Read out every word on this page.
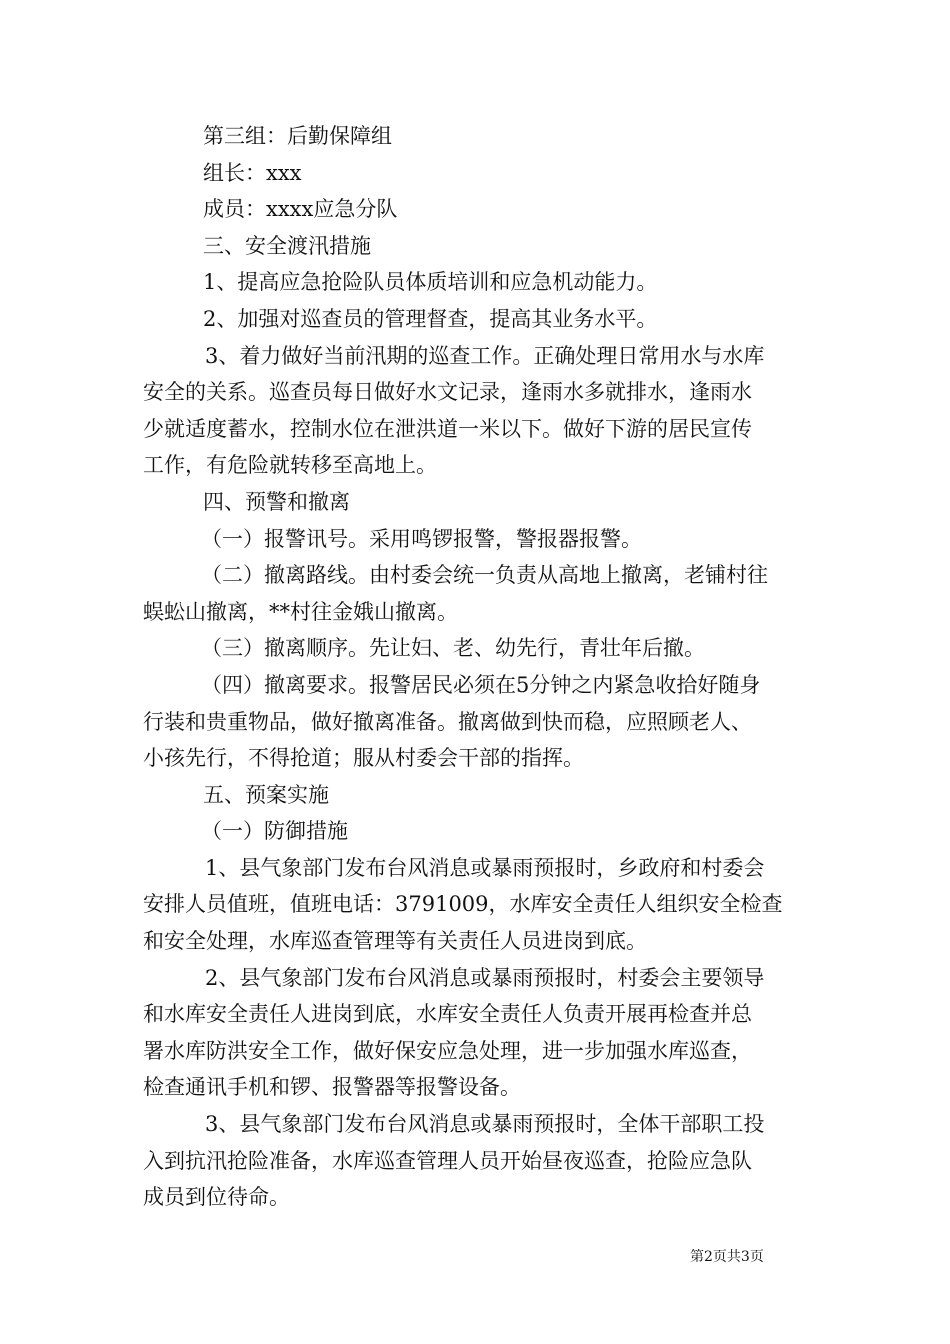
第三组：后勤保障组
组长：xxx
成员：xxxx应急分队
三、安全渡汛措施
1、提高应急抢险队员体质培训和应急机动能力。
2、加强对巡查员的管理督查，提高其业务水平。
3、着力做好当前汛期的巡查工作。正确处理日常用水与水库
安全的关系。巡查员每日做好水文记录，逢雨水多就排水，逢雨水
少就适度蓄水，控制水位在泄洪道一米以下。做好下游的居民宣传
工作，有危险就转移至高地上。
四、预警和撤离
（一）报警讯号。采用鸣锣报警，警报器报警。
（二）撤离路线。由村委会统一负责从高地上撤离，老铺村往
蜈蚣山撤离，**村往金娥山撤离。
（三）撤离顺序。先让妇、老、幼先行，青壮年后撤。
（四）撤离要求。报警居民必须在5分钟之内紧急收拾好随身
行装和贵重物品，做好撤离准备。撤离做到快而稳，应照顾老人、
小孩先行，不得抢道；服从村委会干部的指挥。
五、预案实施
（一）防御措施
1、县气象部门发布台风消息或暴雨预报时，乡政府和村委会
安排人员值班，值班电话：3791009，水库安全责任人组织安全检查
和安全处理，水库巡查管理等有关责任人员进岗到底。
2、县气象部门发布台风消息或暴雨预报时，村委会主要领导
和水库安全责任人进岗到底，水库安全责任人负责开展再检查并总
署水库防洪安全工作，做好保安应急处理，进一步加强水库巡查，
检查通讯手机和锣、报警器等报警设备。
3、县气象部门发布台风消息或暴雨预报时，全体干部职工投
入到抗汛抢险准备，水库巡查管理人员开始昼夜巡查，抢险应急队
成员到位待命。
第2页共3页
